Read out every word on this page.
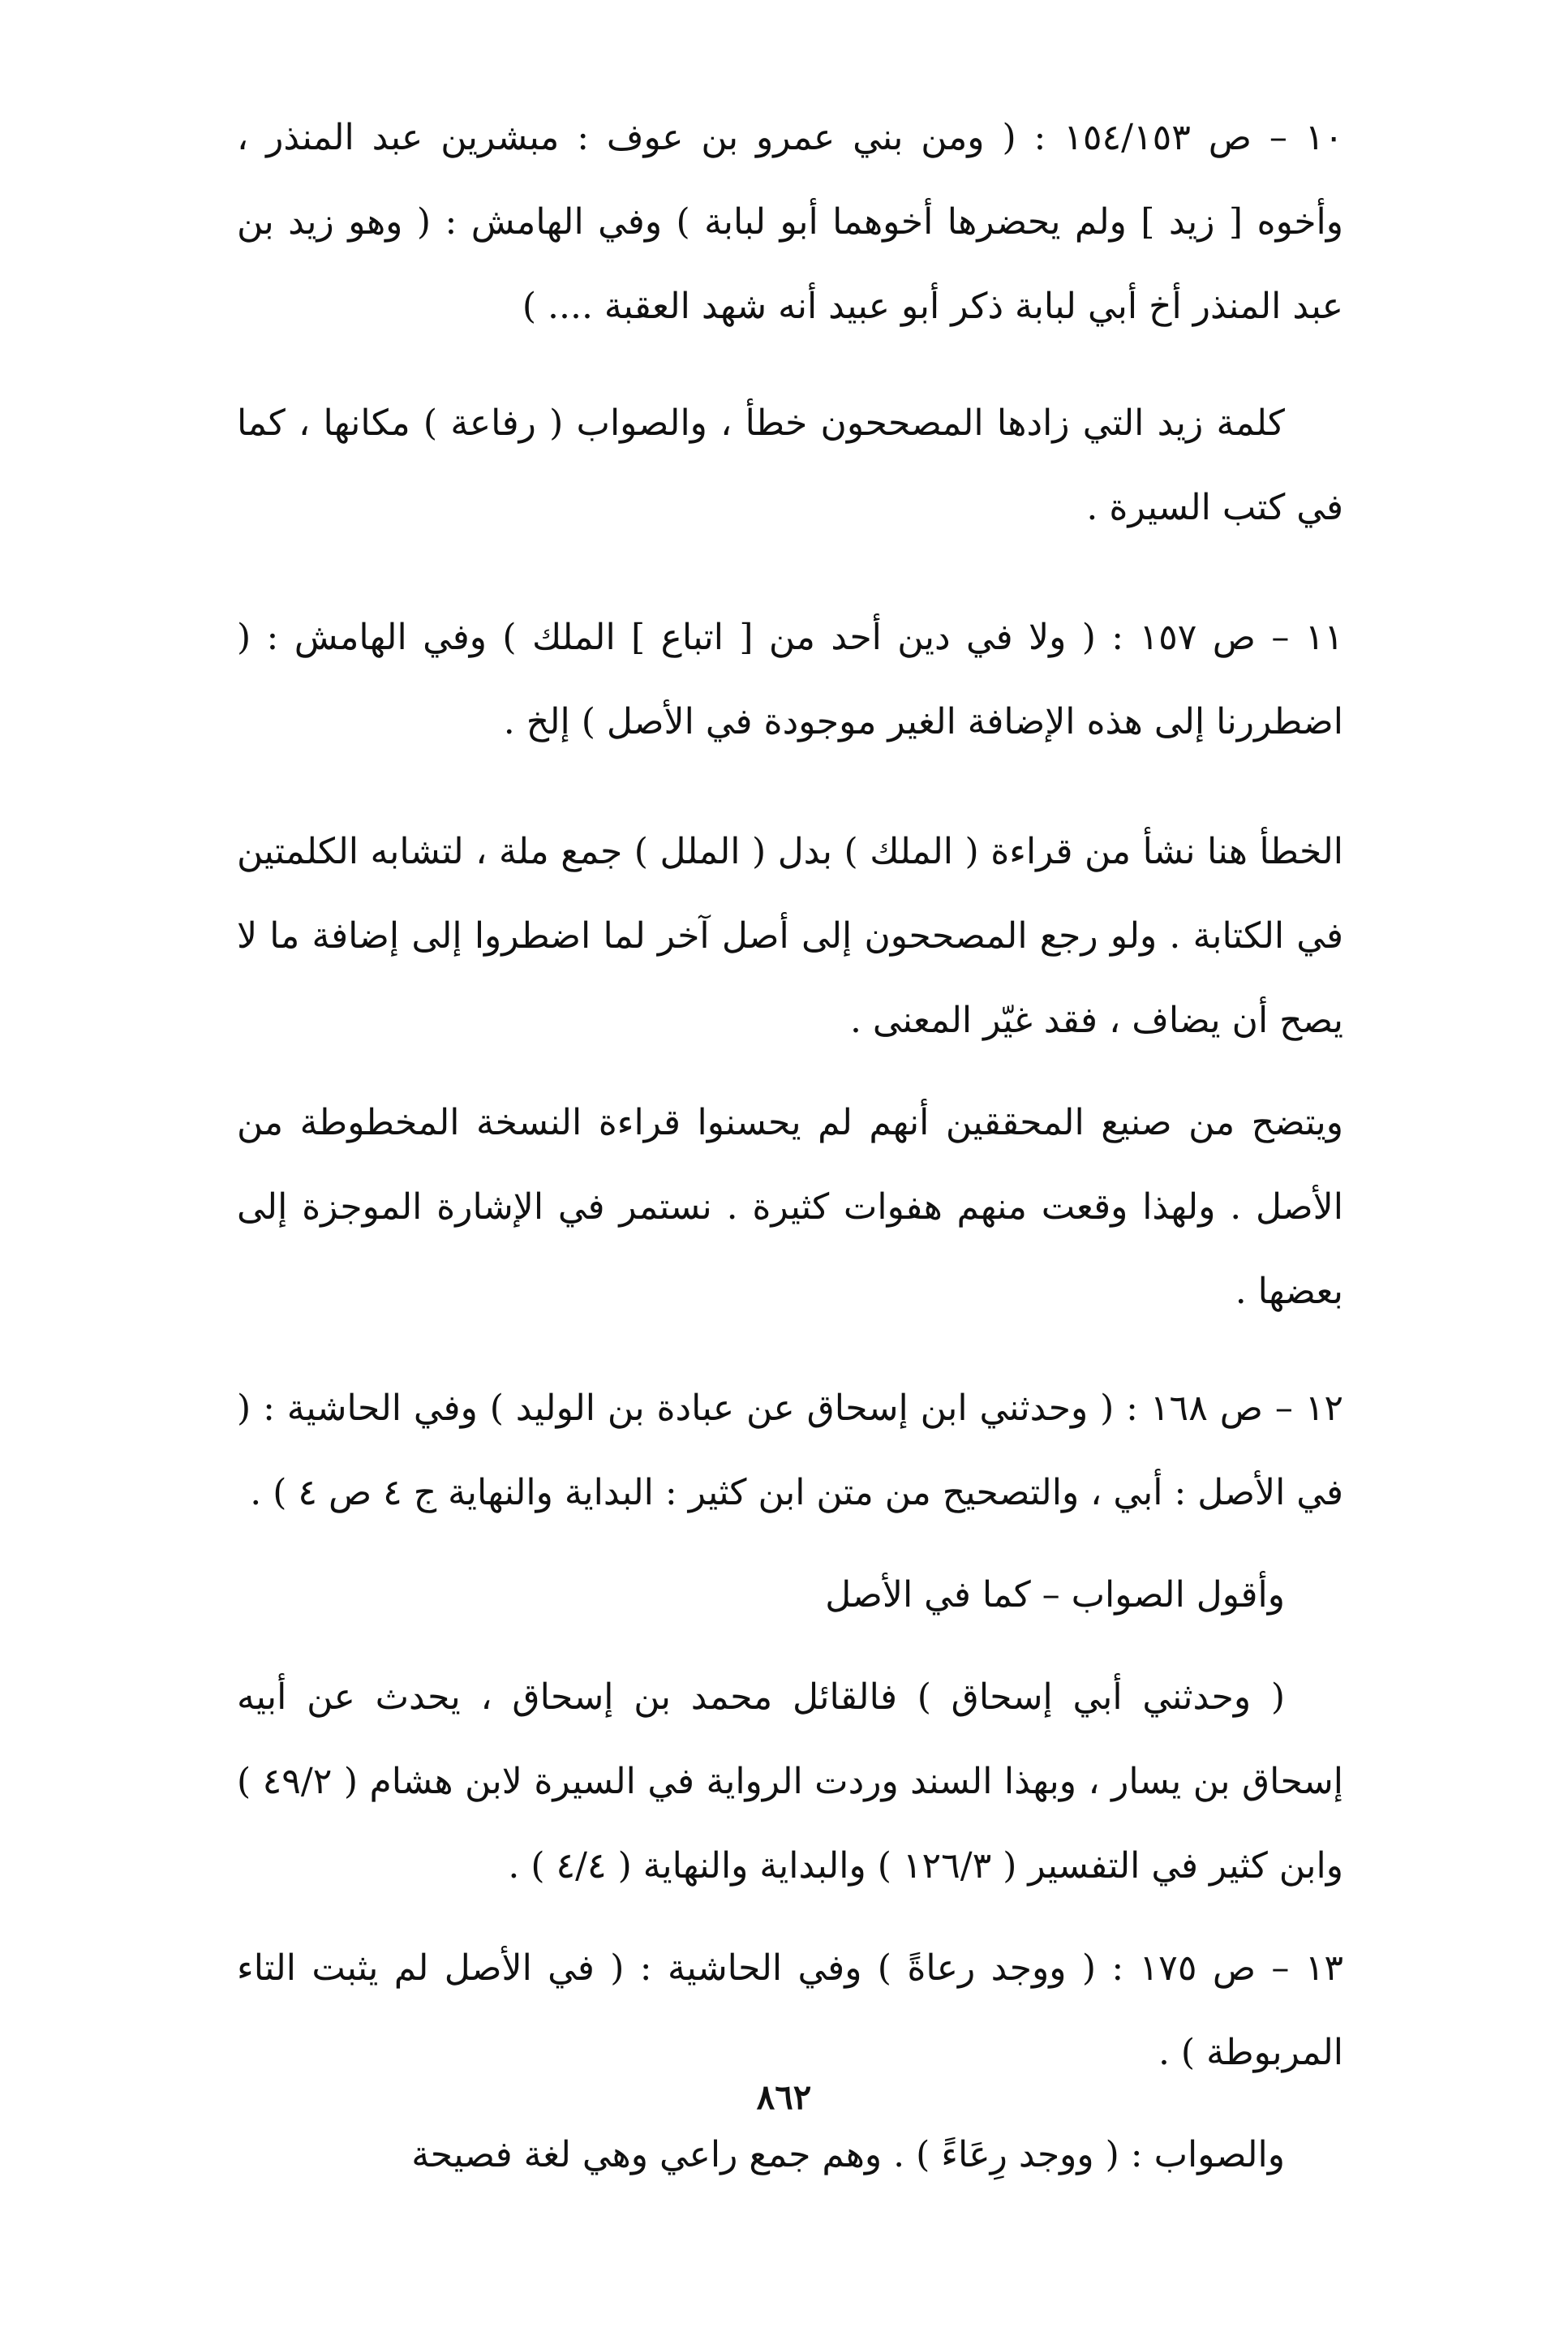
١٠ – ص ١٥٤/١٥٣ : ( ومن بني عمرو بن عوف : مبشرين عبد المنذر ، وأخوه [ زيد ] ولم يحضرها أخوهما أبو لبابة ) وفي الهامش : ( وهو زيد بن عبد المنذر أخ أبي لبابة ذكر أبو عبيد أنه شهد العقبة .... )

كلمة زيد التي زادها المصححون خطأ ، والصواب ( رفاعة ) مكانها ، كما في كتب السيرة .

١١ – ص ١٥٧ : ( ولا في دين أحد من [ اتباع ] الملك ) وفي الهامش : ( اضطررنا إلى هذه الإضافة الغير موجودة في الأصل ) إلخ .

الخطأ هنا نشأ من قراءة ( الملك ) بدل ( الملل ) جمع ملة ، لتشابه الكلمتين في الكتابة . ولو رجع المصححون إلى أصل آخر لما اضطروا إلى إضافة ما لا يصح أن يضاف ، فقد غيّر المعنى .

ويتضح من صنيع المحققين أنهم لم يحسنوا قراءة النسخة المخطوطة من الأصل . ولهذا وقعت منهم هفوات كثيرة . نستمر في الإشارة الموجزة إلى بعضها .

١٢ – ص ١٦٨ : ( وحدثني ابن إسحاق عن عبادة بن الوليد ) وفي الحاشية : ( في الأصل : أبي ، والتصحيح من متن ابن كثير : البداية والنهاية ج ٤ ص ٤ ) .

وأقول الصواب – كما في الأصل

( وحدثني أبي إسحاق ) فالقائل محمد بن إسحاق ، يحدث عن أبيه إسحاق بن يسار ، وبهذا السند وردت الرواية في السيرة لابن هشام ( ٤٩/٢ ) وابن كثير في التفسير ( ١٢٦/٣ ) والبداية والنهاية ( ٤/٤ ) .

١٣ – ص ١٧٥ : ( ووجد رعاةً ) وفي الحاشية : ( في الأصل لم يثبت التاء المربوطة ) .

والصواب : ( ووجد رِعَاءً ) . وهم جمع راعي وهي لغة فصيحة

٨٦٢
